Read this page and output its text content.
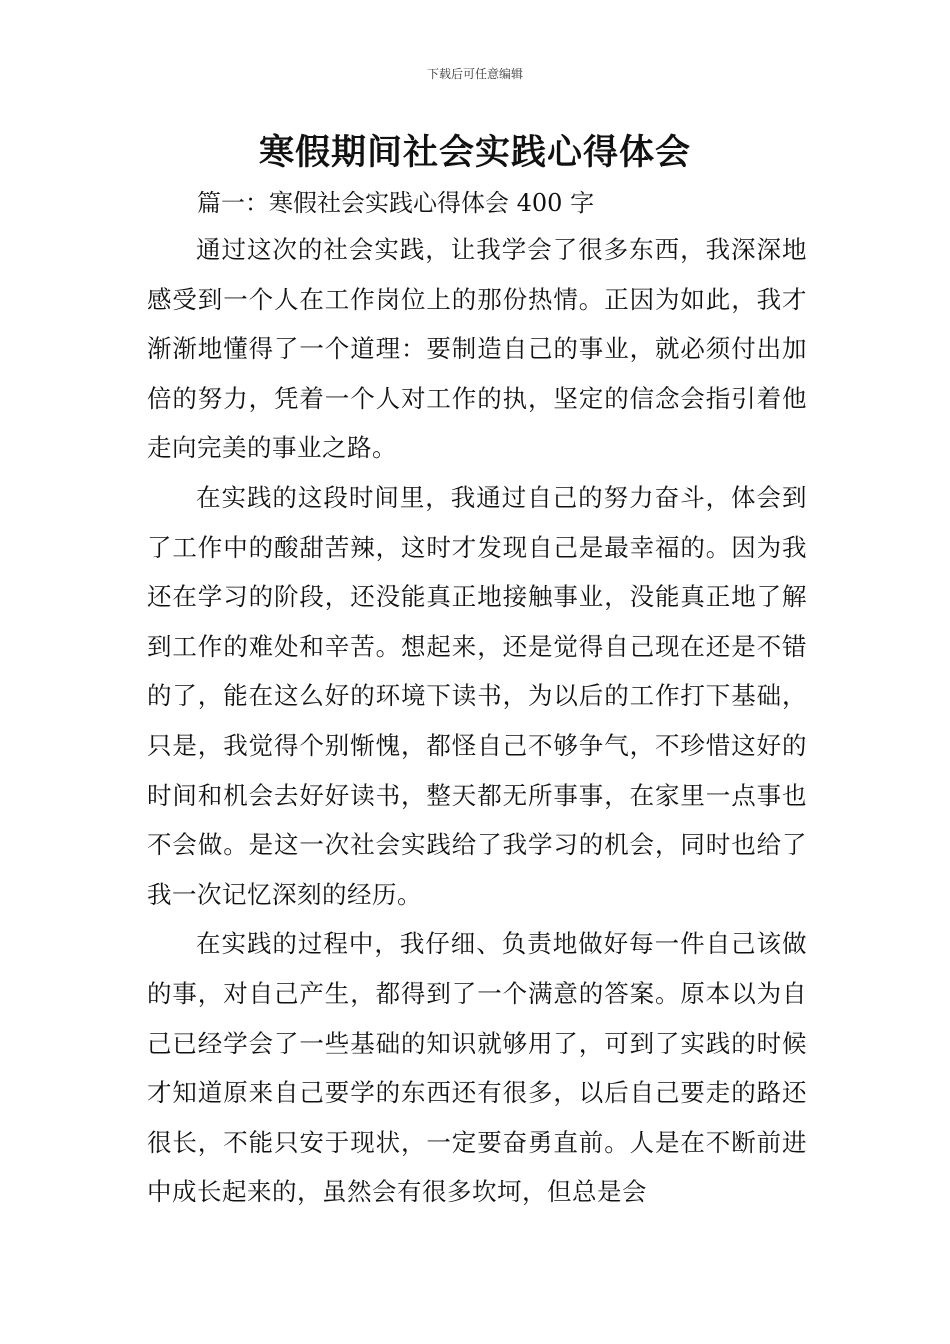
下载后可任意编辑
寒假期间社会实践心得体会
篇一：寒假社会实践心得体会 400 字

通过这次的社会实践，让我学会了很多东西，我深深地感受到一个人在工作岗位上的那份热情。正因为如此，我才渐渐地懂得了一个道理：要制造自己的事业，就必须付出加倍的努力，凭着一个人对工作的执，坚定的信念会指引着他走向完美的事业之路。

在实践的这段时间里，我通过自己的努力奋斗，体会到了工作中的酸甜苦辣，这时才发现自己是最幸福的。因为我还在学习的阶段，还没能真正地接触事业，没能真正地了解到工作的难处和辛苦。想起来，还是觉得自己现在还是不错的了，能在这么好的环境下读书，为以后的工作打下基础，只是，我觉得个别惭愧，都怪自己不够争气，不珍惜这好的时间和机会去好好读书，整天都无所事事，在家里一点事也不会做。是这一次社会实践给了我学习的机会，同时也给了我一次记忆深刻的经历。

在实践的过程中，我仔细、负责地做好每一件自己该做的事，对自己产生，都得到了一个满意的答案。原本以为自己已经学会了一些基础的知识就够用了，可到了实践的时候才知道原来自己要学的东西还有很多，以后自己要走的路还很长，不能只安于现状，一定要奋勇直前。人是在不断前进中成长起来的，虽然会有很多坎坷，但总是会
